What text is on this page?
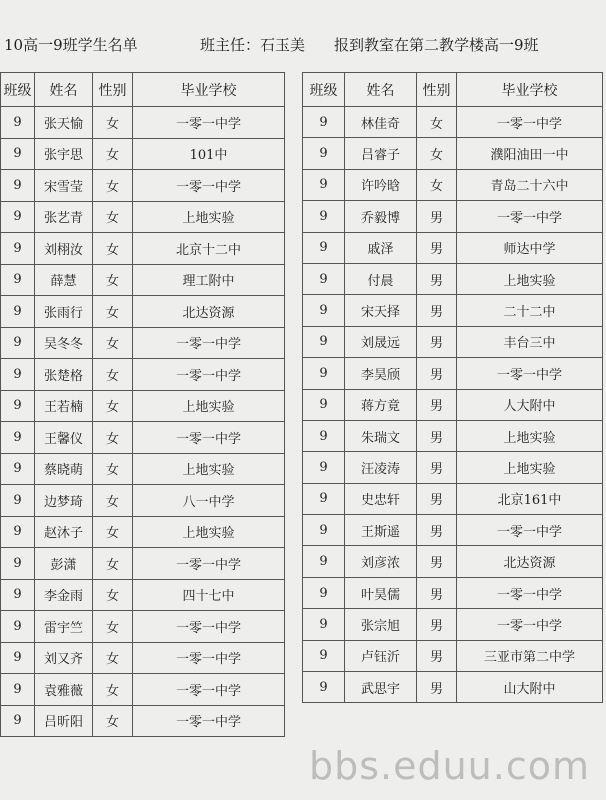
10高一9班学生名单	班主任：石玉美 报到教室在第二教学楼高一9班
班级	姓名	性别	毕业学校
9	张天愉	女	一零一中学
9	张宇思	女	101中
9	宋雪莹	女	一零一中学
9	张艺青	女	上地实验
9	刘栩汝	女	北京十二中
9	薛慧	女	理工附中
9	张雨行	女	北达资源
9	吴冬冬	女	一零一中学
9	张楚格	女	一零一中学
9	王若楠	女	上地实验
9	王馨仪	女	一零一中学
9	蔡晓萌	女	上地实验
9	边梦琦	女	八一中学
9	赵沐子	女	上地实验
9	彭潇	女	一零一中学
9	李金雨	女	四十七中
9	雷宇竺	女	一零一中学
9	刘又齐	女	一零一中学
9	袁雅薇	女	一零一中学
9	吕昕阳	女	一零一中学
班级	姓名	性别	毕业学校
9	林佳奇	女	一零一中学
9	吕睿子	女	濮阳油田一中
9	许吟晗	女	青岛二十六中
9	乔毅博	男	一零一中学
9	戚泽	男	师达中学
9	付晨	男	上地实验
9	宋天择	男	二十二中
9	刘晟远	男	丰台三中
9	李昊颀	男	一零一中学
9	蒋方竟	男	人大附中
9	朱瑞文	男	上地实验
9	汪凌涛	男	上地实验
9	史忠轩	男	北京161中
9	王斯遥	男	一零一中学
9	刘彦浓	男	北达资源
9	叶昊儒	男	一零一中学
9	张宗旭	男	一零一中学
9	卢钰沂	男	三亚市第二中学
9	武思宇	男	山大附中
bbs.eduu.com
